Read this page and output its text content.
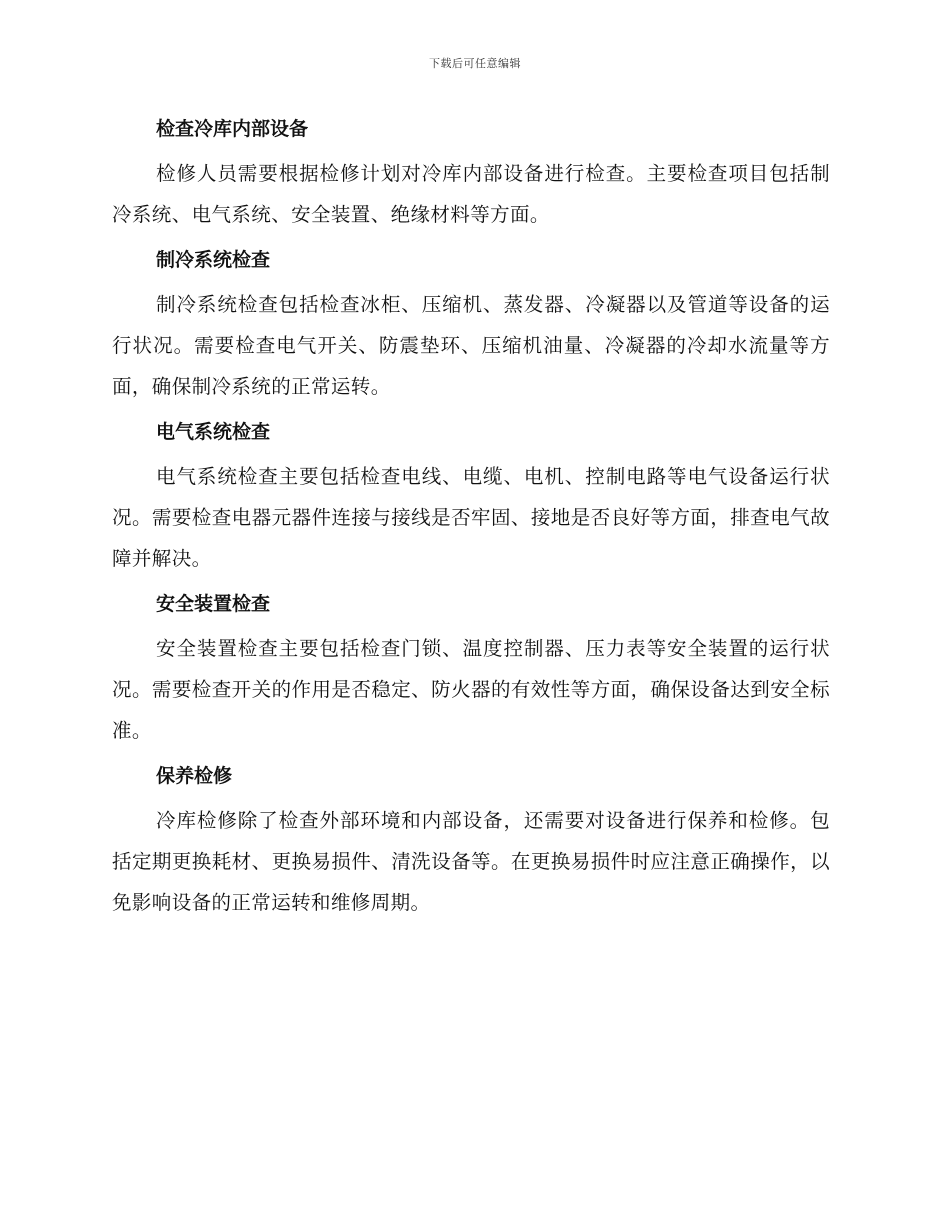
下载后可任意编辑
检查冷库内部设备

检修人员需要根据检修计划对冷库内部设备进行检查。主要检查项目包括制冷系统、电气系统、安全装置、绝缘材料等方面。

制冷系统检查

制冷系统检查包括检查冰柜、压缩机、蒸发器、冷凝器以及管道等设备的运行状况。需要检查电气开关、防震垫环、压缩机油量、冷凝器的冷却水流量等方面，确保制冷系统的正常运转。

电气系统检查

电气系统检查主要包括检查电线、电缆、电机、控制电路等电气设备运行状况。需要检查电器元器件连接与接线是否牢固、接地是否良好等方面，排查电气故障并解决。

安全装置检查

安全装置检查主要包括检查门锁、温度控制器、压力表等安全装置的运行状况。需要检查开关的作用是否稳定、防火器的有效性等方面，确保设备达到安全标准。

保养检修

冷库检修除了检查外部环境和内部设备，还需要对设备进行保养和检修。包括定期更换耗材、更换易损件、清洗设备等。在更换易损件时应注意正确操作，以免影响设备的正常运转和维修周期。
